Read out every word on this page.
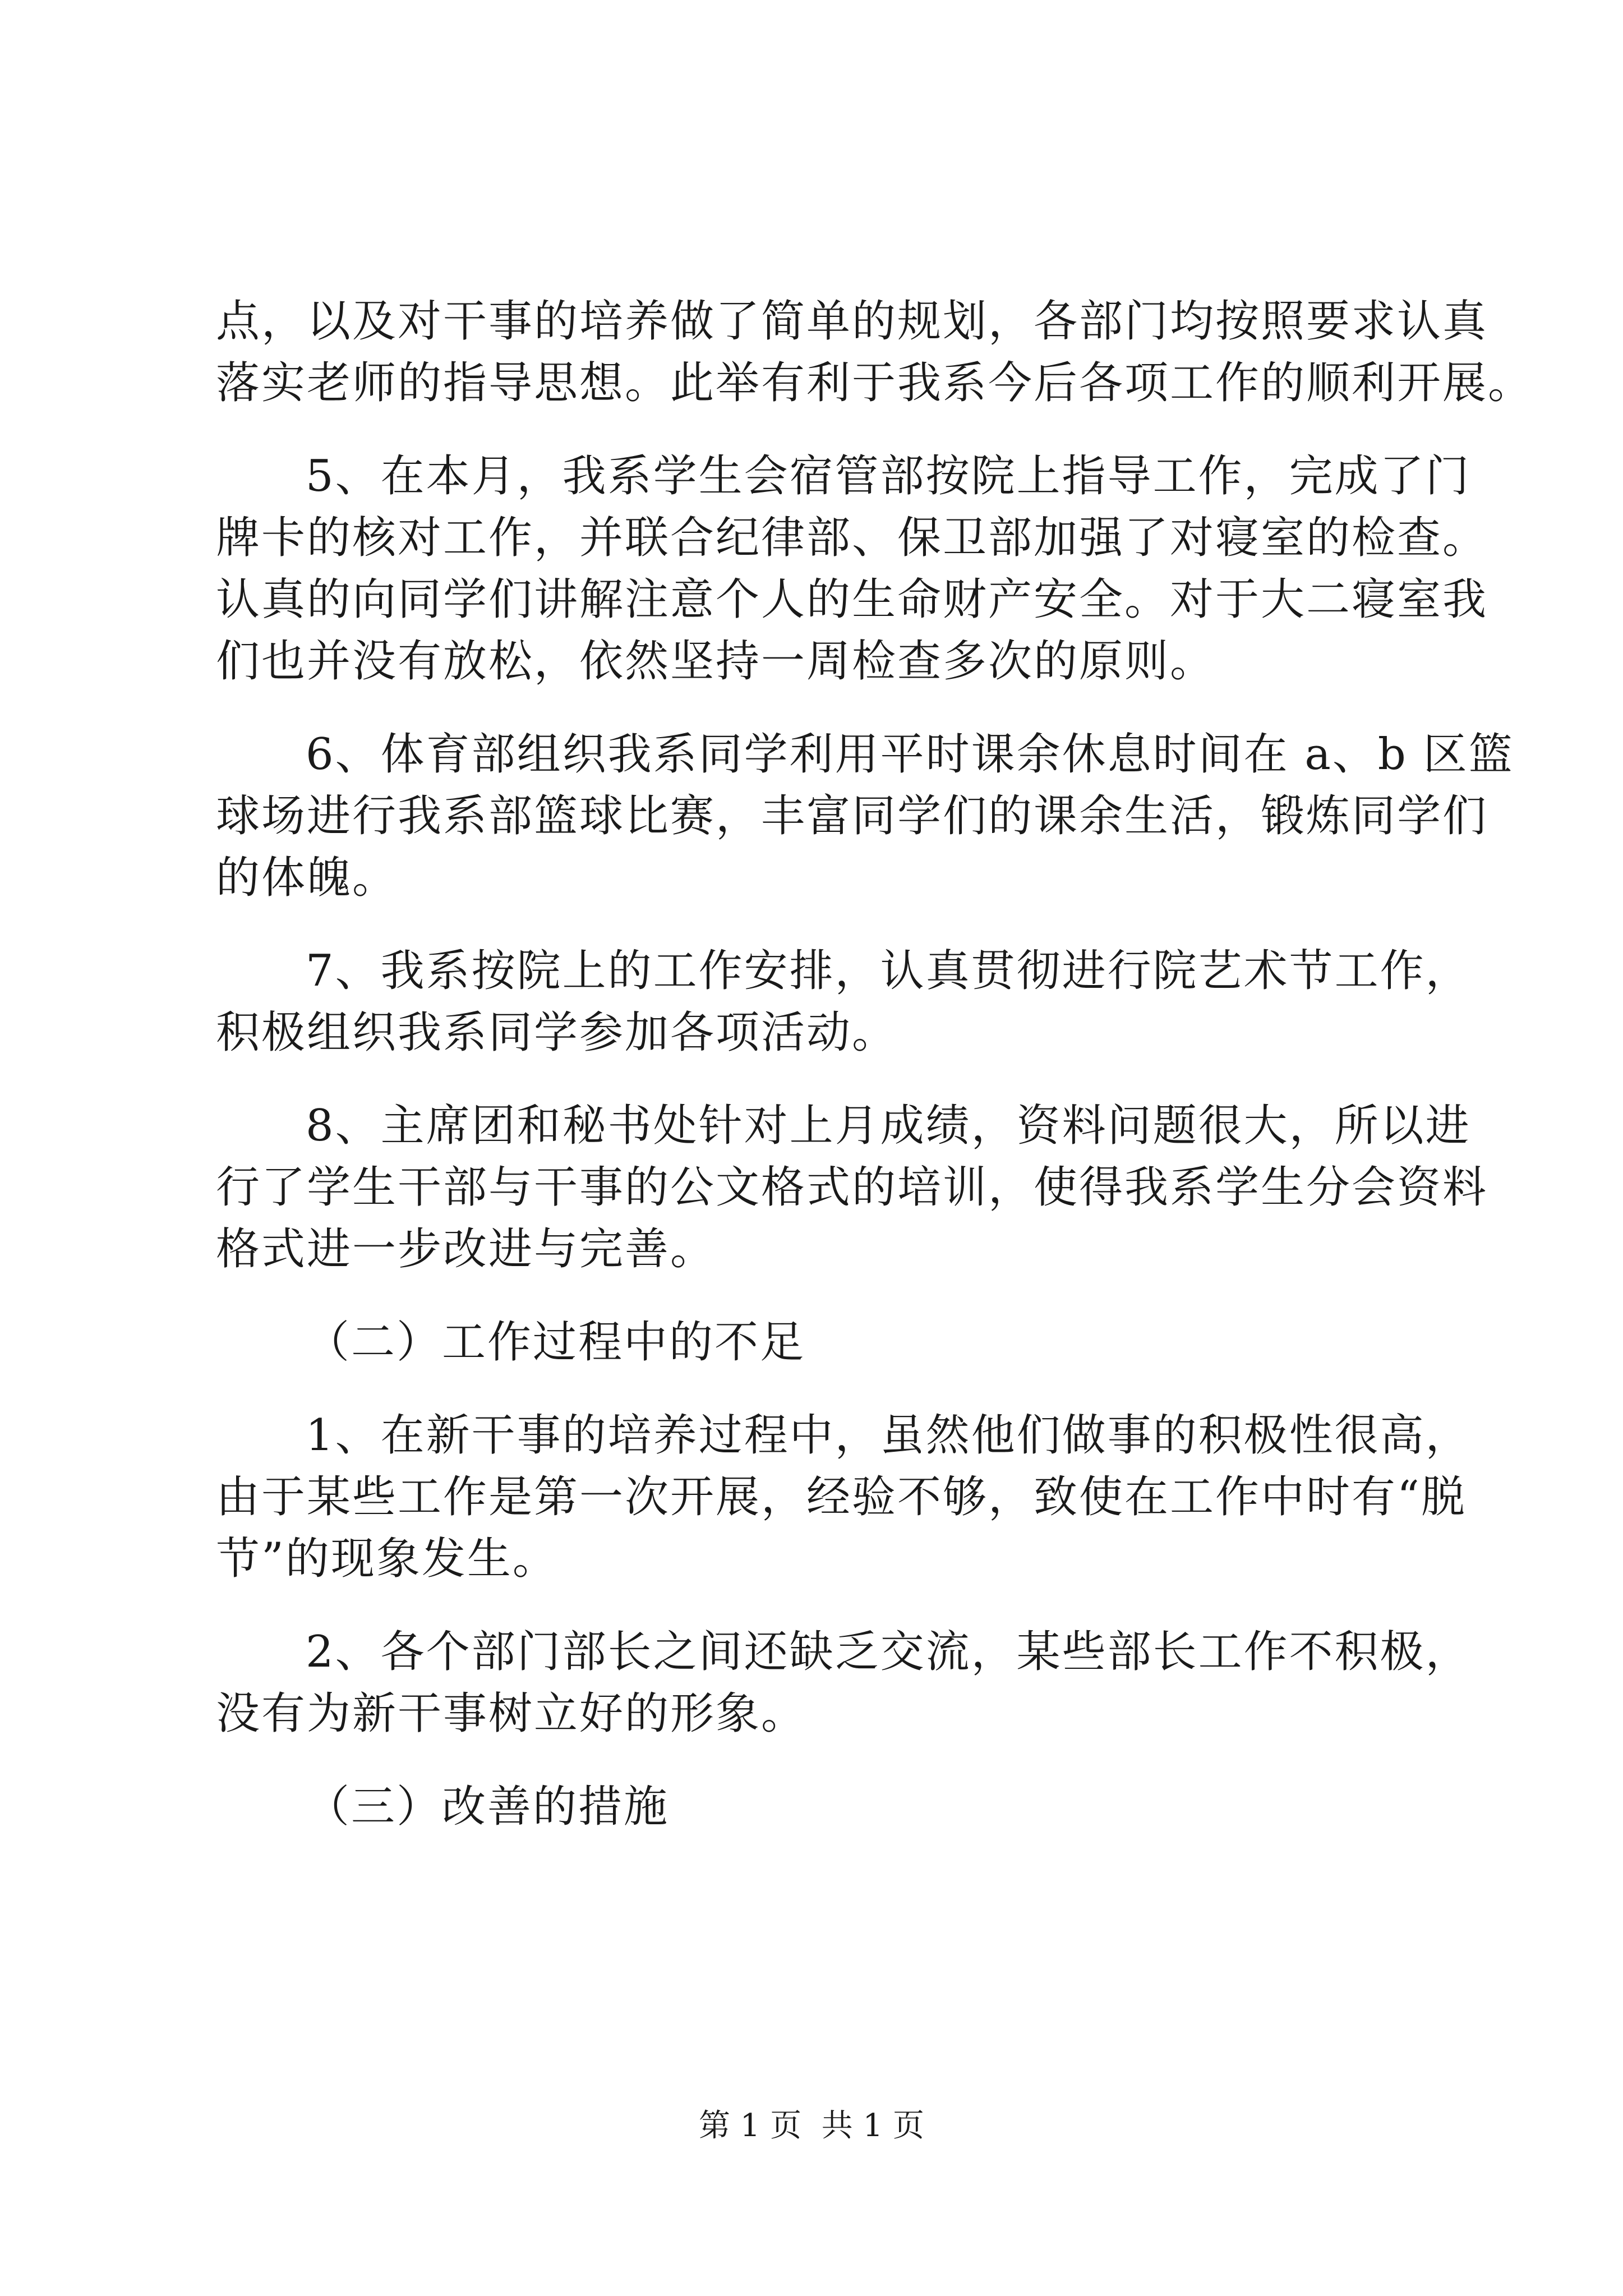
点，以及对干事的培养做了简单的规划，各部门均按照要求认真
落实老师的指导思想。此举有利于我系今后各项工作的顺利开展。
5、在本月，我系学生会宿管部按院上指导工作，完成了门
牌卡的核对工作，并联合纪律部、保卫部加强了对寝室的检查。
认真的向同学们讲解注意个人的生命财产安全。对于大二寝室我
们也并没有放松，依然坚持一周检查多次的原则。
6、体育部组织我系同学利用平时课余休息时间在 a、b 区篮
球场进行我系部篮球比赛，丰富同学们的课余生活，锻炼同学们
的体魄。
7、我系按院上的工作安排，认真贯彻进行院艺术节工作，
积极组织我系同学参加各项活动。
8、主席团和秘书处针对上月成绩，资料问题很大，所以进
行了学生干部与干事的公文格式的培训，使得我系学生分会资料
格式进一步改进与完善。
（二）工作过程中的不足
1、在新干事的培养过程中，虽然他们做事的积极性很高，
由于某些工作是第一次开展，经验不够，致使在工作中时有“脱
节”的现象发生。
2、各个部门部长之间还缺乏交流，某些部长工作不积极，
没有为新干事树立好的形象。
（三）改善的措施
第 1 页  共 1 页
